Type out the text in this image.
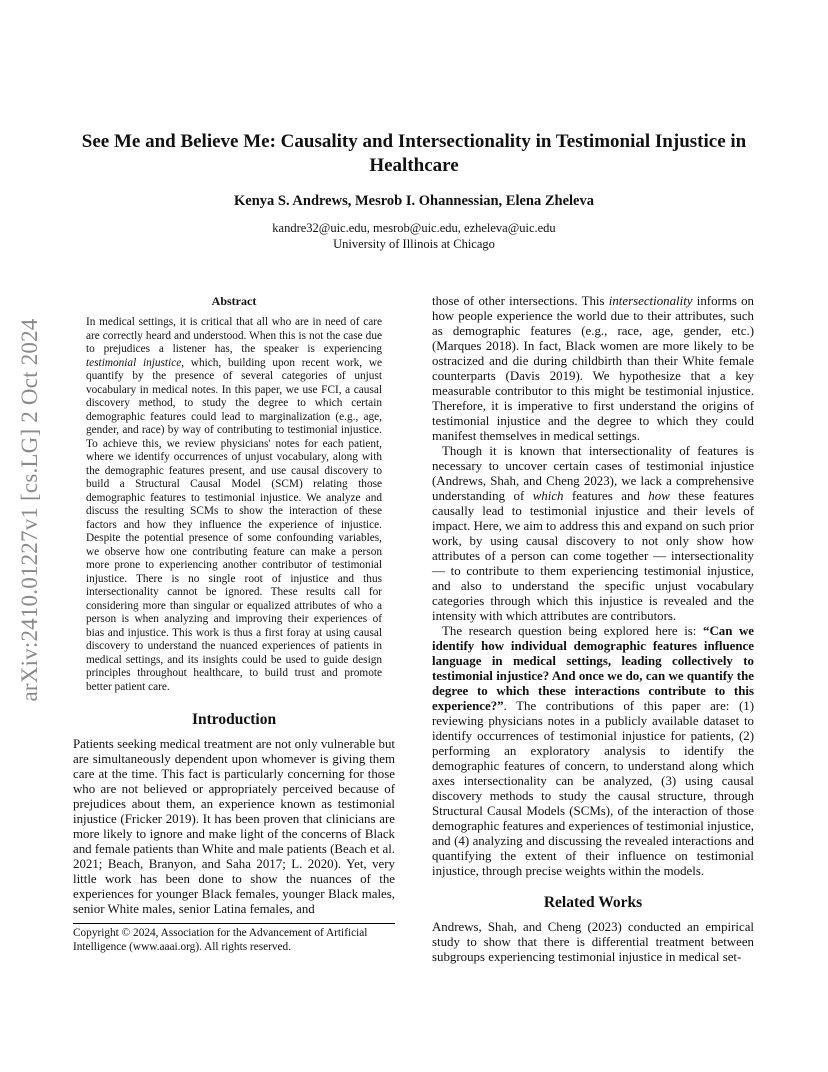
arXiv:2410.01227v1 [cs.LG] 2 Oct 2024
See Me and Believe Me: Causality and Intersectionality in Testimonial Injustice in Healthcare
Kenya S. Andrews, Mesrob I. Ohannessian, Elena Zheleva
kandre32@uic.edu, mesrob@uic.edu, ezheleva@uic.edu
University of Illinois at Chicago
Abstract

In medical settings, it is critical that all who are in need of care are correctly heard and understood. When this is not the case due to prejudices a listener has, the speaker is experiencing testimonial injustice, which, building upon recent work, we quantify by the presence of several categories of unjust vocabulary in medical notes. In this paper, we use FCI, a causal discovery method, to study the degree to which certain demographic features could lead to marginalization (e.g., age, gender, and race) by way of contributing to testimonial injustice. To achieve this, we review physicians' notes for each patient, where we identify occurrences of unjust vocabulary, along with the demographic features present, and use causal discovery to build a Structural Causal Model (SCM) relating those demographic features to testimonial injustice. We analyze and discuss the resulting SCMs to show the interaction of these factors and how they influence the experience of injustice. Despite the potential presence of some confounding variables, we observe how one contributing feature can make a person more prone to experiencing another contributor of testimonial injustice. There is no single root of injustice and thus intersectionality cannot be ignored. These results call for considering more than singular or equalized attributes of who a person is when analyzing and improving their experiences of bias and injustice. This work is thus a first foray at using causal discovery to understand the nuanced experiences of patients in medical settings, and its insights could be used to guide design principles throughout healthcare, to build trust and promote better patient care.

Introduction

Patients seeking medical treatment are not only vulnerable but are simultaneously dependent upon whomever is giving them care at the time. This fact is particularly concerning for those who are not believed or appropriately perceived because of prejudices about them, an experience known as testimonial injustice (Fricker 2019). It has been proven that clinicians are more likely to ignore and make light of the concerns of Black and female patients than White and male patients (Beach et al. 2021; Beach, Branyon, and Saha 2017; L. 2020). Yet, very little work has been done to show the nuances of the experiences for younger Black females, younger Black males, senior White males, senior Latina females, and

Copyright © 2024, Association for the Advancement of Artificial Intelligence (www.aaai.org). All rights reserved.

those of other intersections. This intersectionality informs on how people experience the world due to their attributes, such as demographic features (e.g., race, age, gender, etc.) (Marques 2018). In fact, Black women are more likely to be ostracized and die during childbirth than their White female counterparts (Davis 2019). We hypothesize that a key measurable contributor to this might be testimonial injustice. Therefore, it is imperative to first understand the origins of testimonial injustice and the degree to which they could manifest themselves in medical settings.

Though it is known that intersectionality of features is necessary to uncover certain cases of testimonial injustice (Andrews, Shah, and Cheng 2023), we lack a comprehensive understanding of which features and how these features causally lead to testimonial injustice and their levels of impact. Here, we aim to address this and expand on such prior work, by using causal discovery to not only show how attributes of a person can come together — intersectionality — to contribute to them experiencing testimonial injustice, and also to understand the specific unjust vocabulary categories through which this injustice is revealed and the intensity with which attributes are contributors.

The research question being explored here is: “Can we identify how individual demographic features influence language in medical settings, leading collectively to testimonial injustice? And once we do, can we quantify the degree to which these interactions contribute to this experience?”. The contributions of this paper are: (1) reviewing physicians notes in a publicly available dataset to identify occurrences of testimonial injustice for patients, (2) performing an exploratory analysis to identify the demographic features of concern, to understand along which axes intersectionality can be analyzed, (3) using causal discovery methods to study the causal structure, through Structural Causal Models (SCMs), of the interaction of those demographic features and experiences of testimonial injustice, and (4) analyzing and discussing the revealed interactions and quantifying the extent of their influence on testimonial injustice, through precise weights within the models.

Related Works

Andrews, Shah, and Cheng (2023) conducted an empirical study to show that there is differential treatment between subgroups experiencing testimonial injustice in medical set-
